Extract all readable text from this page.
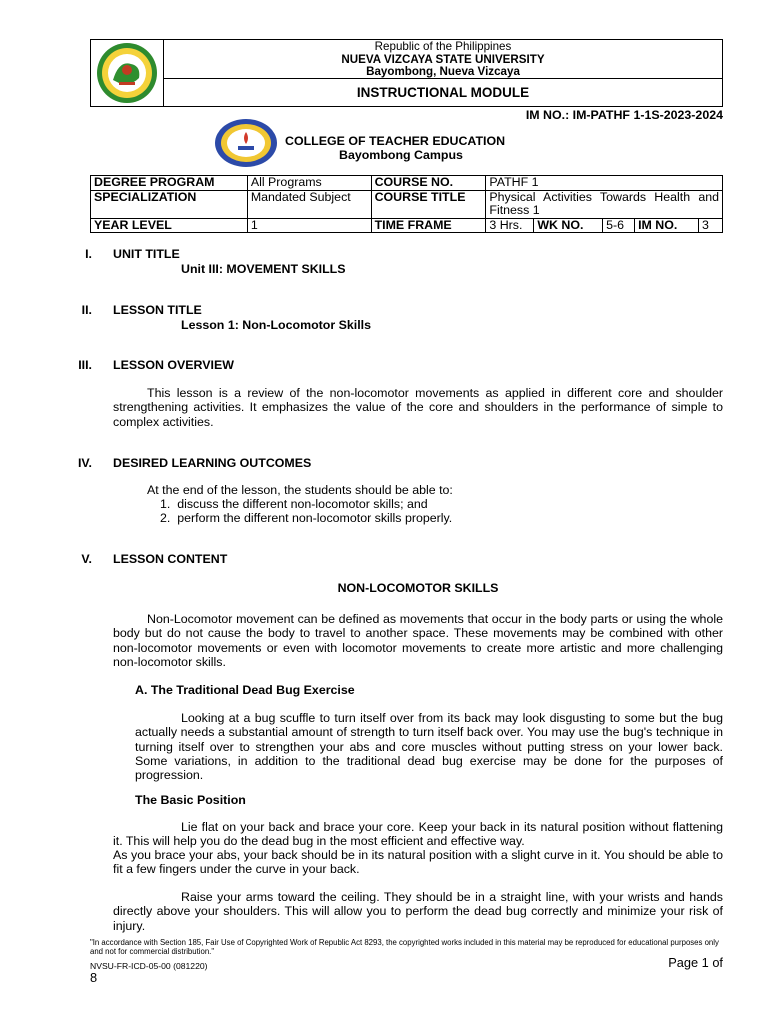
Republic of the Philippines
NUEVA VIZCAYA STATE UNIVERSITY
Bayombong, Nueva Vizcaya
INSTRUCTIONAL MODULE
IM NO.: IM-PATHF 1-1S-2023-2024
COLLEGE OF TEACHER EDUCATION
Bayombong Campus
DEGREE PROGRAM	All Programs	COURSE NO.	PATHF 1				
SPECIALIZATION	Mandated Subject	COURSE TITLE	Physical Activities Towards Health and Fitness 1				
YEAR LEVEL	1	TIME FRAME	3 Hrs.	WK NO.	5-6	IM NO.	3
I. UNIT TITLE
Unit III: MOVEMENT SKILLS
II. LESSON TITLE
Lesson 1: Non-Locomotor Skills
III. LESSON OVERVIEW
This lesson is a review of the non-locomotor movements as applied in different core and shoulder strengthening activities. It emphasizes the value of the core and shoulders in the performance of simple to complex activities.
IV. DESIRED LEARNING OUTCOMES
At the end of the lesson, the students should be able to:
1.  discuss the different non-locomotor skills; and
2.  perform the different non-locomotor skills properly.
V. LESSON CONTENT
NON-LOCOMOTOR SKILLS
Non-Locomotor movement can be defined as movements that occur in the body parts or using the whole body but do not cause the body to travel to another space. These movements may be combined with other non-locomotor movements or even with locomotor movements to create more artistic and more challenging non-locomotor skills.
A. The Traditional Dead Bug Exercise
Looking at a bug scuffle to turn itself over from its back may look disgusting to some but the bug actually needs a substantial amount of strength to turn itself back over. You may use the bug's technique in turning itself over to strengthen your abs and core muscles without putting stress on your lower back. Some variations, in addition to the traditional dead bug exercise may be done for the purposes of progression.
The Basic Position
Lie flat on your back and brace your core. Keep your back in its natural position without flattening it. This will help you do the dead bug in the most efficient and effective way.
As you brace your abs, your back should be in its natural position with a slight curve in it. You should be able to fit a few fingers under the curve in your back.
Raise your arms toward the ceiling. They should be in a straight line, with your wrists and hands directly above your shoulders. This will allow you to perform the dead bug correctly and minimize your risk of injury.
"In accordance with Section 185, Fair Use of Copyrighted Work of Republic Act 8293, the copyrighted works included in this material may be reproduced for educational purposes only and not for commercial distribution."
NVSU-FR-ICD-05-00 (081220)	Page 1 of
8
